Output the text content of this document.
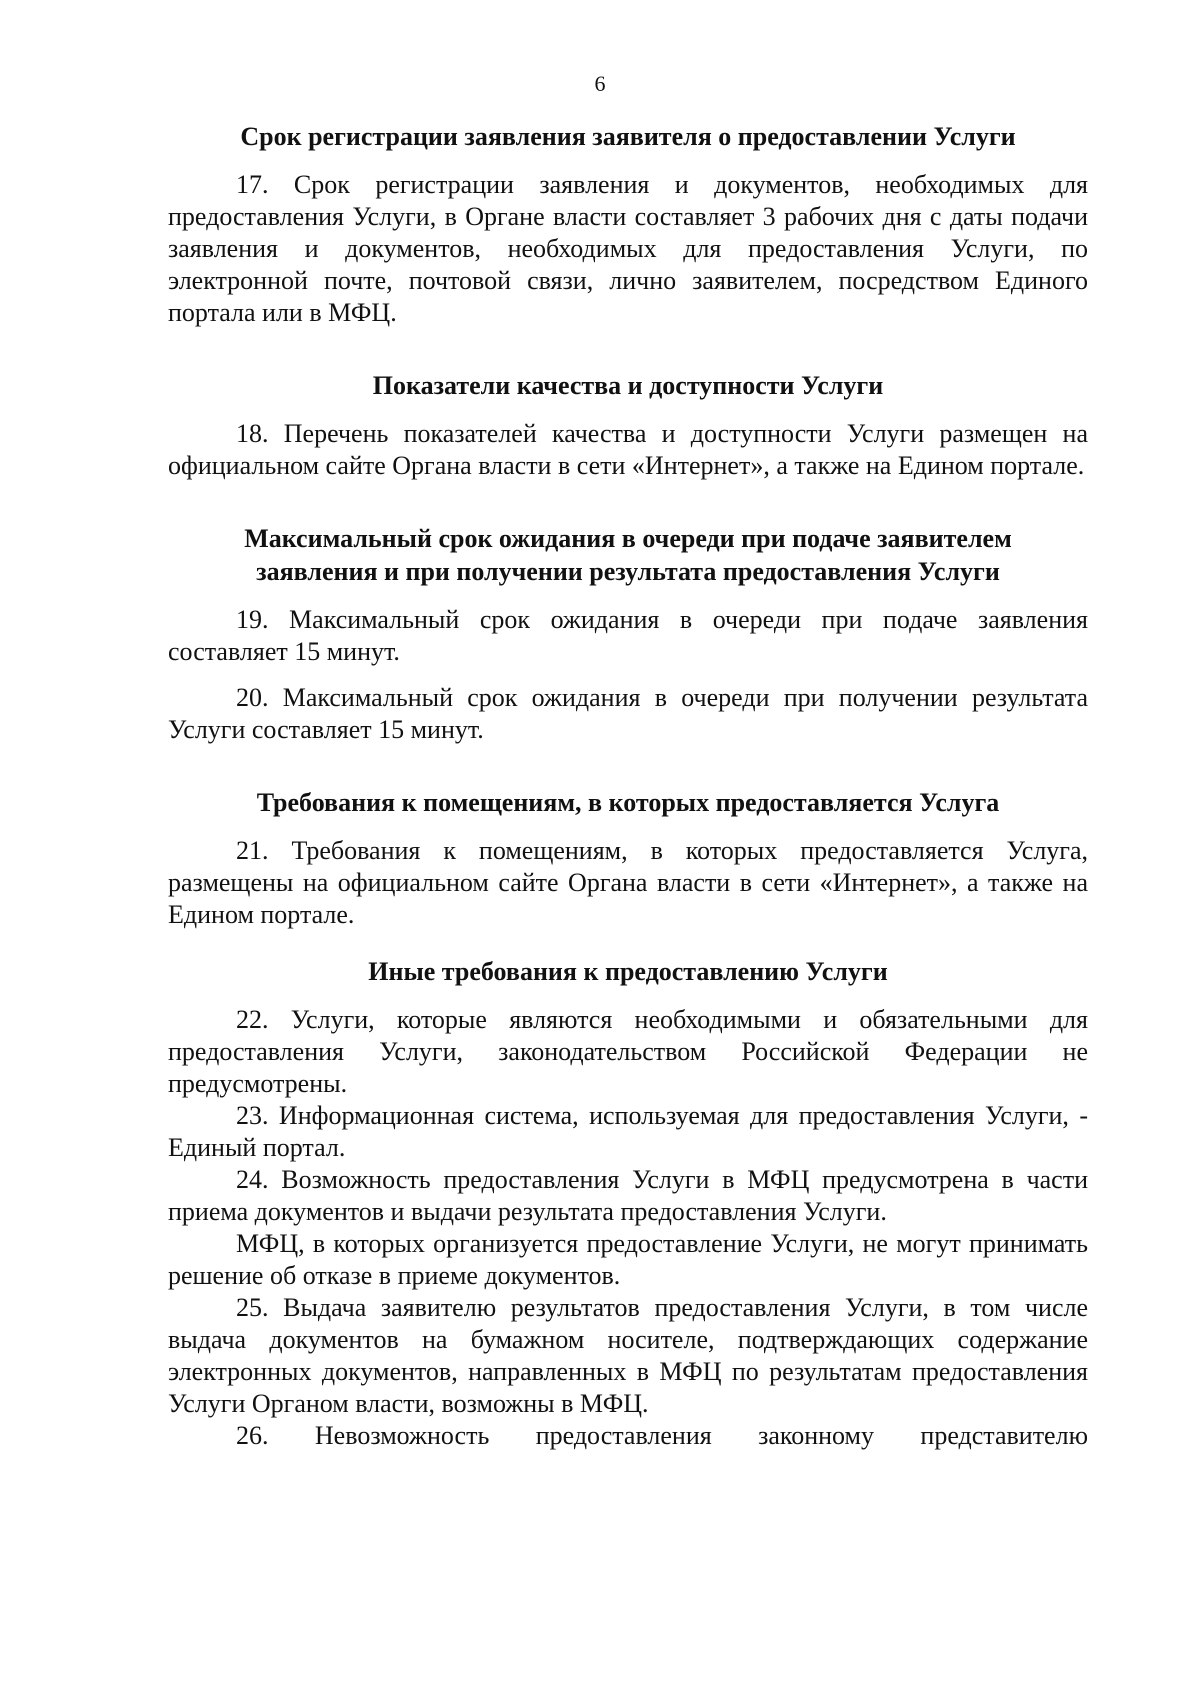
6
Срок регистрации заявления заявителя о предоставлении Услуги

17. Срок регистрации заявления и документов, необходимых для предоставления Услуги, в Органе власти составляет 3 рабочих дня с даты подачи заявления и документов, необходимых для предоставления Услуги, по электронной почте, почтовой связи, лично заявителем, посредством Единого портала или в МФЦ.

Показатели качества и доступности Услуги

18. Перечень показателей качества и доступности Услуги размещен на официальном сайте Органа власти в сети «Интернет», а также на Едином портале.

Максимальный срок ожидания в очереди при подаче заявителем
заявления и при получении результата предоставления Услуги

19. Максимальный срок ожидания в очереди при подаче заявления составляет 15 минут.

20. Максимальный срок ожидания в очереди при получении результата Услуги составляет 15 минут.

Требования к помещениям, в которых предоставляется Услуга

21. Требования к помещениям, в которых предоставляется Услуга, размещены на официальном сайте Органа власти в сети «Интернет», а также на Едином портале.

Иные требования к предоставлению Услуги

22. Услуги, которые являются необходимыми и обязательными для предоставления Услуги, законодательством Российской Федерации не предусмотрены.

23. Информационная система, используемая для предоставления Услуги, - Единый портал.

24. Возможность предоставления Услуги в МФЦ предусмотрена в части приема документов и выдачи результата предоставления Услуги.

МФЦ, в которых организуется предоставление Услуги, не могут принимать решение об отказе в приеме документов.

25. Выдача заявителю результатов предоставления Услуги, в том числе выдача документов на бумажном носителе, подтверждающих содержание электронных документов, направленных в МФЦ по результатам предоставления Услуги Органом власти, возможны в МФЦ.

26. Невозможность предоставления законному представителю
